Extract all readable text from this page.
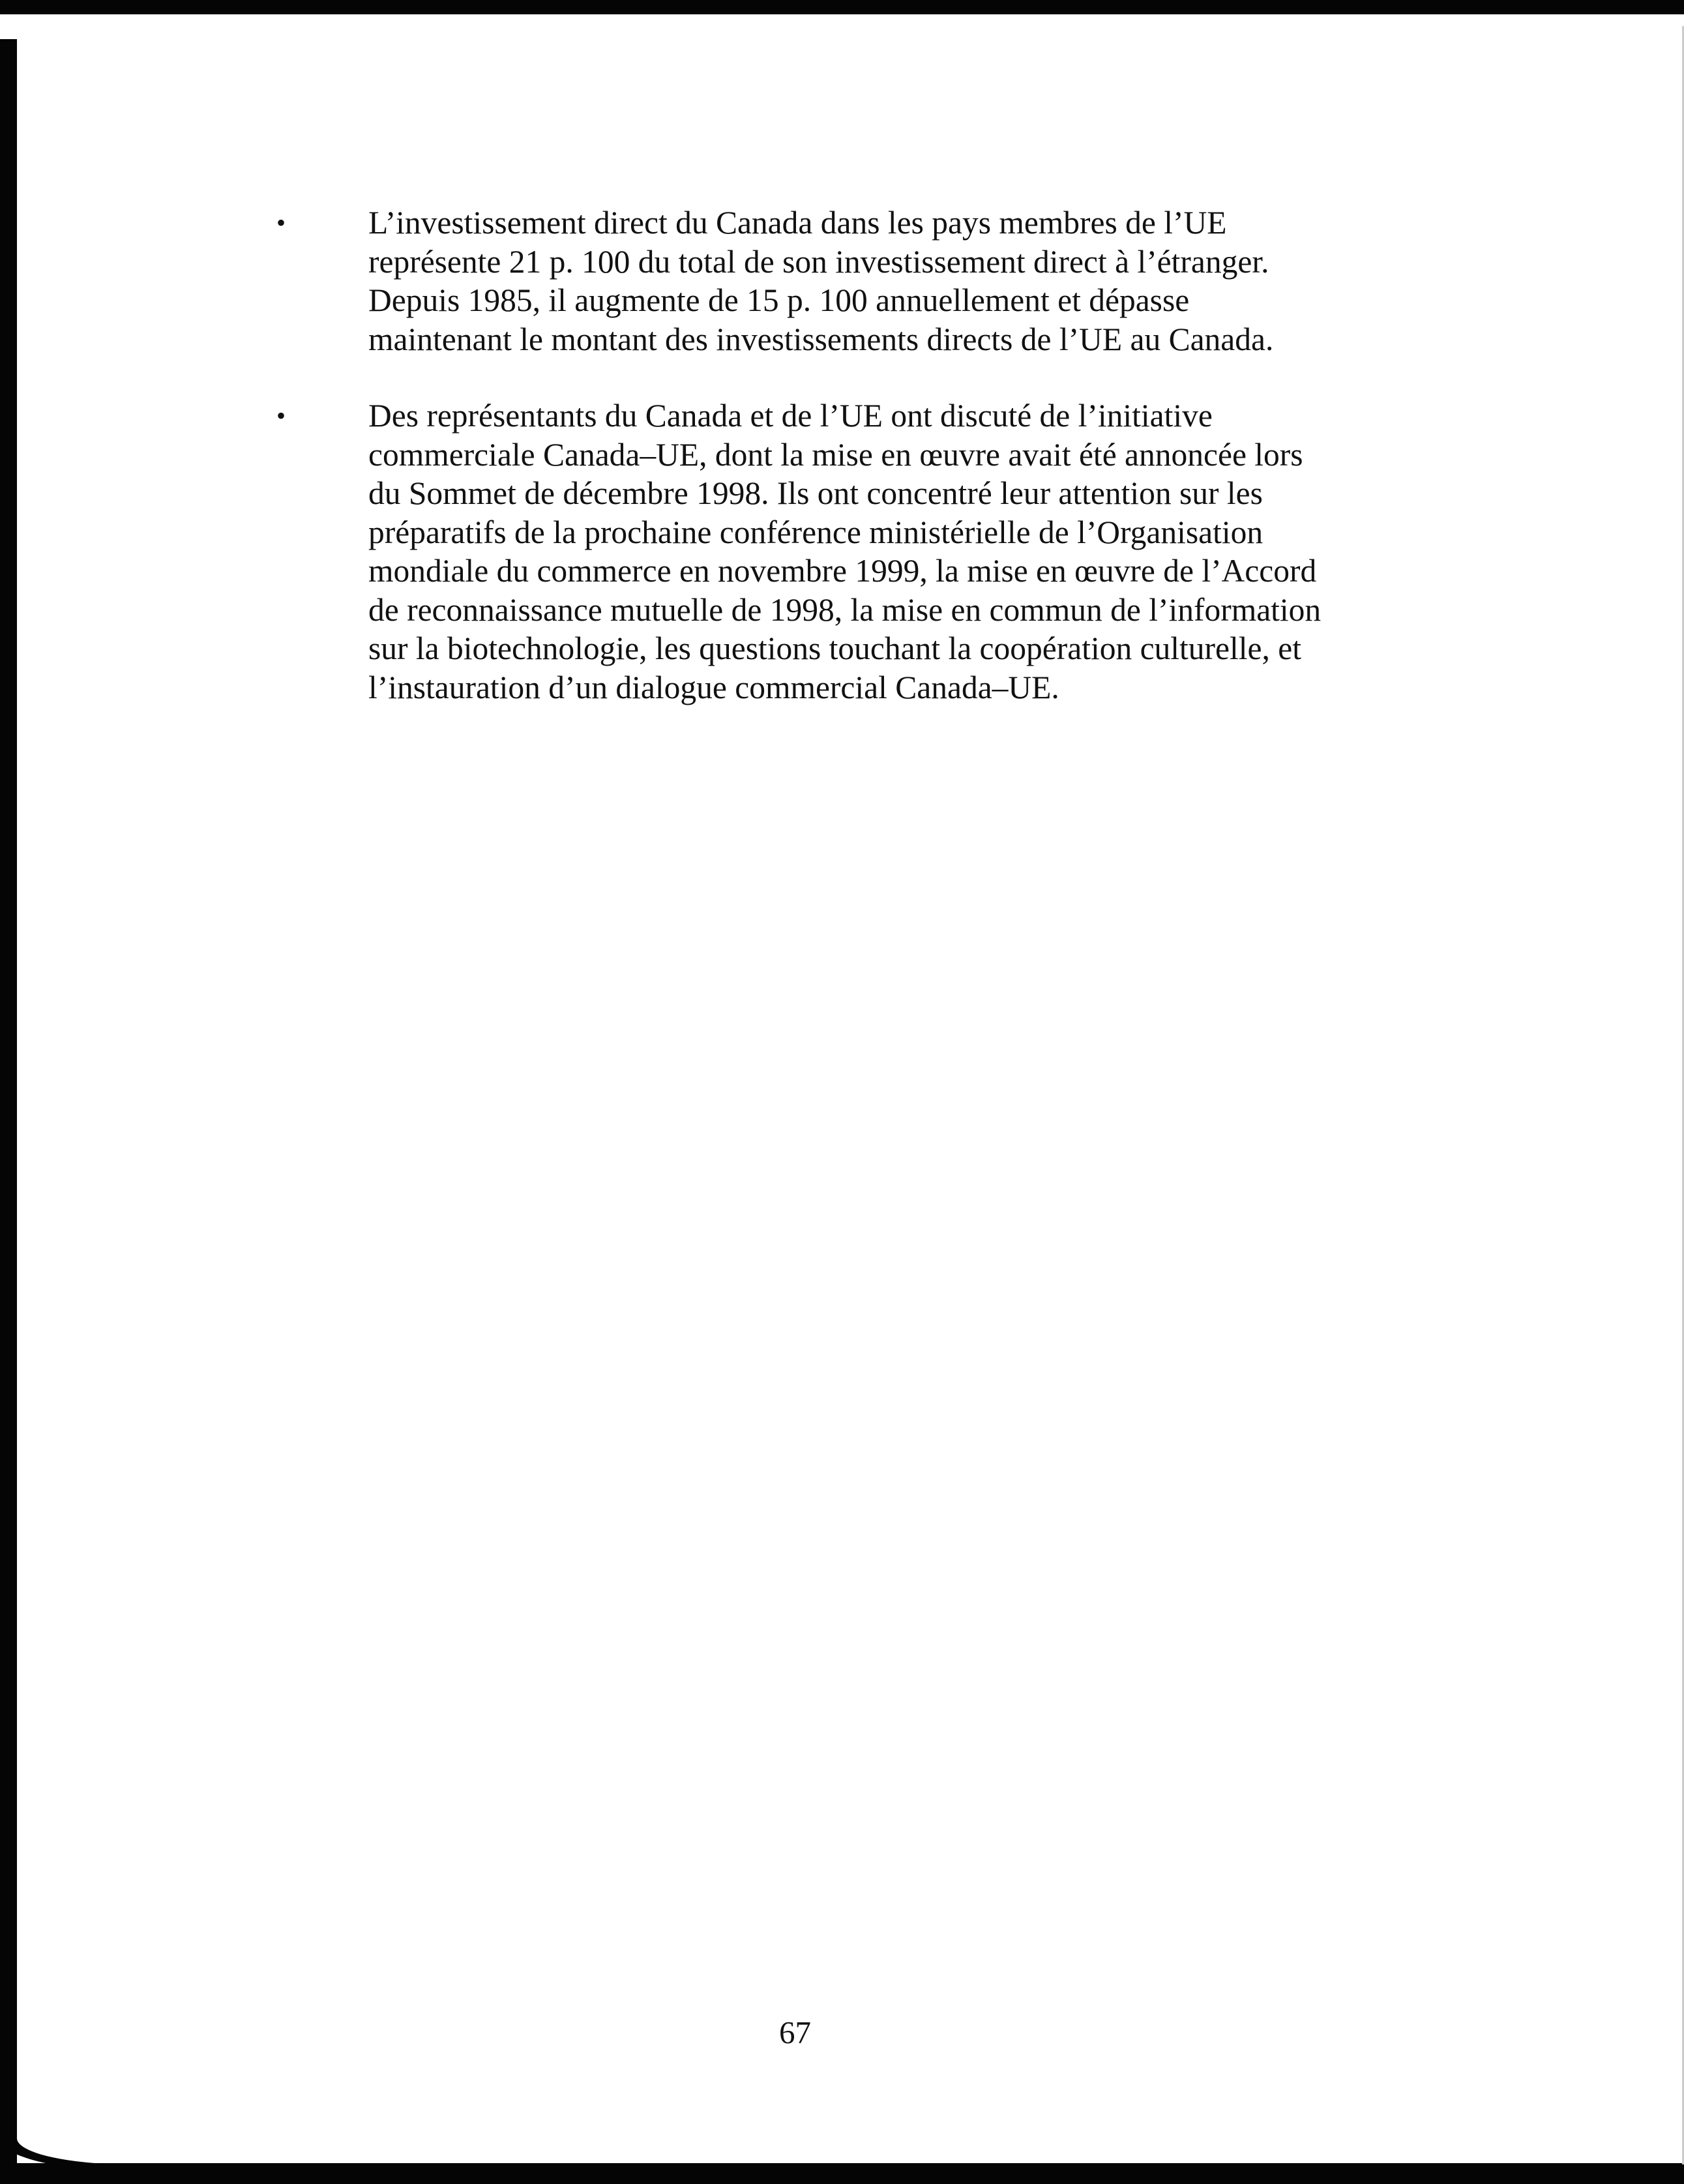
•	L’investissement direct du Canada dans les pays membres de l’UE
représente 21 p. 100 du total de son investissement direct à l’étranger.
Depuis 1985, il augmente de 15 p. 100 annuellement et dépasse
maintenant le montant des investissements directs de l’UE au Canada.
•	Des représentants du Canada et de l’UE ont discuté de l’initiative
commerciale Canada–UE, dont la mise en œuvre avait été annoncée lors
du Sommet de décembre 1998. Ils ont concentré leur attention sur les
préparatifs de la prochaine conférence ministérielle de l’Organisation
mondiale du commerce en novembre 1999, la mise en œuvre de l’Accord
de reconnaissance mutuelle de 1998, la mise en commun de l’information
sur la biotechnologie, les questions touchant la coopération culturelle, et
l’instauration d’un dialogue commercial Canada–UE.
67
